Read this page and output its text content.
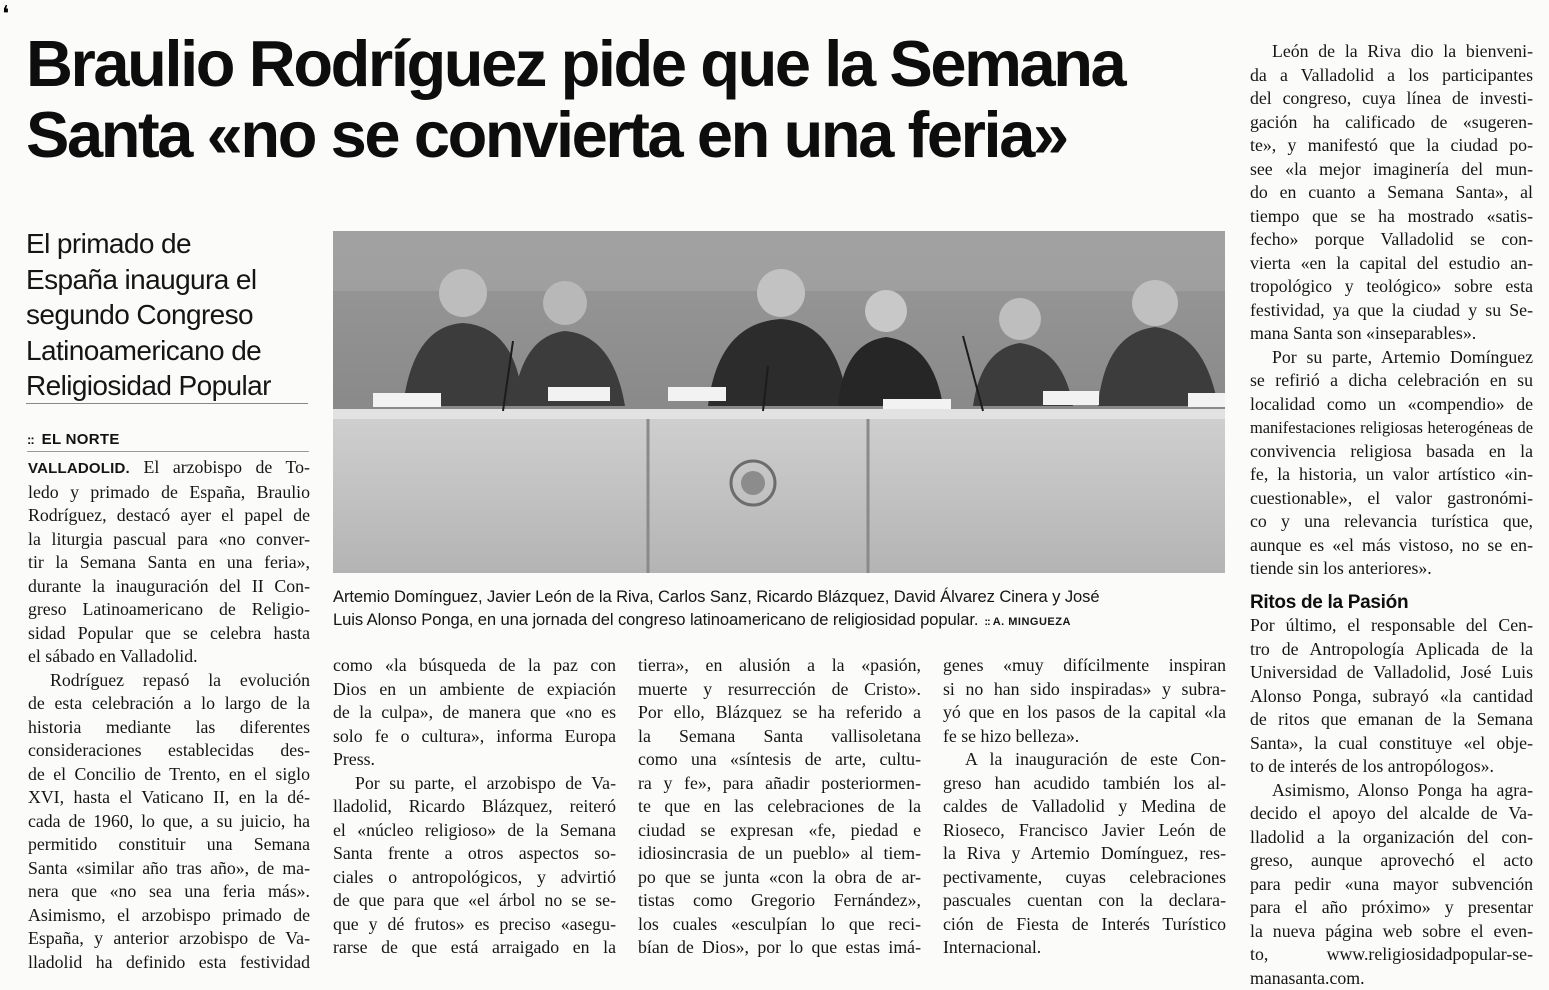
❛
Braulio Rodríguez pide que la Semana
Santa «no se convierta en una feria»
El primado de
España inaugura el
segundo Congreso
Latinoamericano de
Religiosidad Popular
:: EL NORTE
VALLADOLID. El arzobispo de To-
ledo y primado de España, Braulio
Rodríguez, destacó ayer el papel de
la liturgia pascual para «no conver-
tir la Semana Santa en una feria»,
durante la inauguración del II Con-
greso Latinoamericano de Religio-
sidad Popular que se celebra hasta
el sábado en Valladolid.
Rodríguez repasó la evolución
de esta celebración a lo largo de la
historia mediante las diferentes
consideraciones establecidas des-
de el Concilio de Trento, en el siglo
XVI, hasta el Vaticano II, en la dé-
cada de 1960, lo que, a su juicio, ha
permitido constituir una Semana
Santa «similar año tras año», de ma-
nera que «no sea una feria más».
Asimismo, el arzobispo primado de
España, y anterior arzobispo de Va-
lladolid ha definido esta festividad
Artemio Domínguez, Javier León de la Riva, Carlos Sanz, Ricardo Blázquez, David Álvarez Cinera y José
Luis Alonso Ponga, en una jornada del congreso latinoamericano de religiosidad popular. :: A. MINGUEZA
como «la búsqueda de la paz con
Dios en un ambiente de expiación
de la culpa», de manera que «no es
solo fe o cultura», informa Europa
Press.
Por su parte, el arzobispo de Va-
lladolid, Ricardo Blázquez, reiteró
el «núcleo religioso» de la Semana
Santa frente a otros aspectos so-
ciales o antropológicos, y advirtió
de que para que «el árbol no se se-
que y dé frutos» es preciso «asegu-
rarse de que está arraigado en la
tierra», en alusión a la «pasión,
muerte y resurrección de Cristo».
Por ello, Blázquez se ha referido a
la Semana Santa vallisoletana
como una «síntesis de arte, cultu-
ra y fe», para añadir posteriormen-
te que en las celebraciones de la
ciudad se expresan «fe, piedad e
idiosincrasia de un pueblo» al tiem-
po que se junta «con la obra de ar-
tistas como Gregorio Fernández»,
los cuales «esculpían lo que reci-
bían de Dios», por lo que estas imá-
genes «muy difícilmente inspiran
si no han sido inspiradas» y subra-
yó que en los pasos de la capital «la
fe se hizo belleza».
A la inauguración de este Con-
greso han acudido también los al-
caldes de Valladolid y Medina de
Rioseco, Francisco Javier León de
la Riva y Artemio Domínguez, res-
pectivamente, cuyas celebraciones
pascuales cuentan con la declara-
ción de Fiesta de Interés Turístico
Internacional.
León de la Riva dio la bienveni-
da a Valladolid a los participantes
del congreso, cuya línea de investi-
gación ha calificado de «sugeren-
te», y manifestó que la ciudad po-
see «la mejor imaginería del mun-
do en cuanto a Semana Santa», al
tiempo que se ha mostrado «satis-
fecho» porque Valladolid se con-
vierta «en la capital del estudio an-
tropológico y teológico» sobre esta
festividad, ya que la ciudad y su Se-
mana Santa son «inseparables».
Por su parte, Artemio Domínguez
se refirió a dicha celebración en su
localidad como un «compendio» de
manifestaciones religiosas heterogéneas de
convivencia religiosa basada en la
fe, la historia, un valor artístico «in-
cuestionable», el valor gastronómi-
co y una relevancia turística que,
aunque es «el más vistoso, no se en-
tiende sin los anteriores».
Ritos de la Pasión
Por último, el responsable del Cen-
tro de Antropología Aplicada de la
Universidad de Valladolid, José Luis
Alonso Ponga, subrayó «la cantidad
de ritos que emanan de la Semana
Santa», la cual constituye «el obje-
to de interés de los antropólogos».
Asimismo, Alonso Ponga ha agra-
decido el apoyo del alcalde de Va-
lladolid a la organización del con-
greso, aunque aprovechó el acto
para pedir «una mayor subvención
para el año próximo» y presentar
la nueva página web sobre el even-
to, www.religiosidadpopular-se-
manasanta.com.
